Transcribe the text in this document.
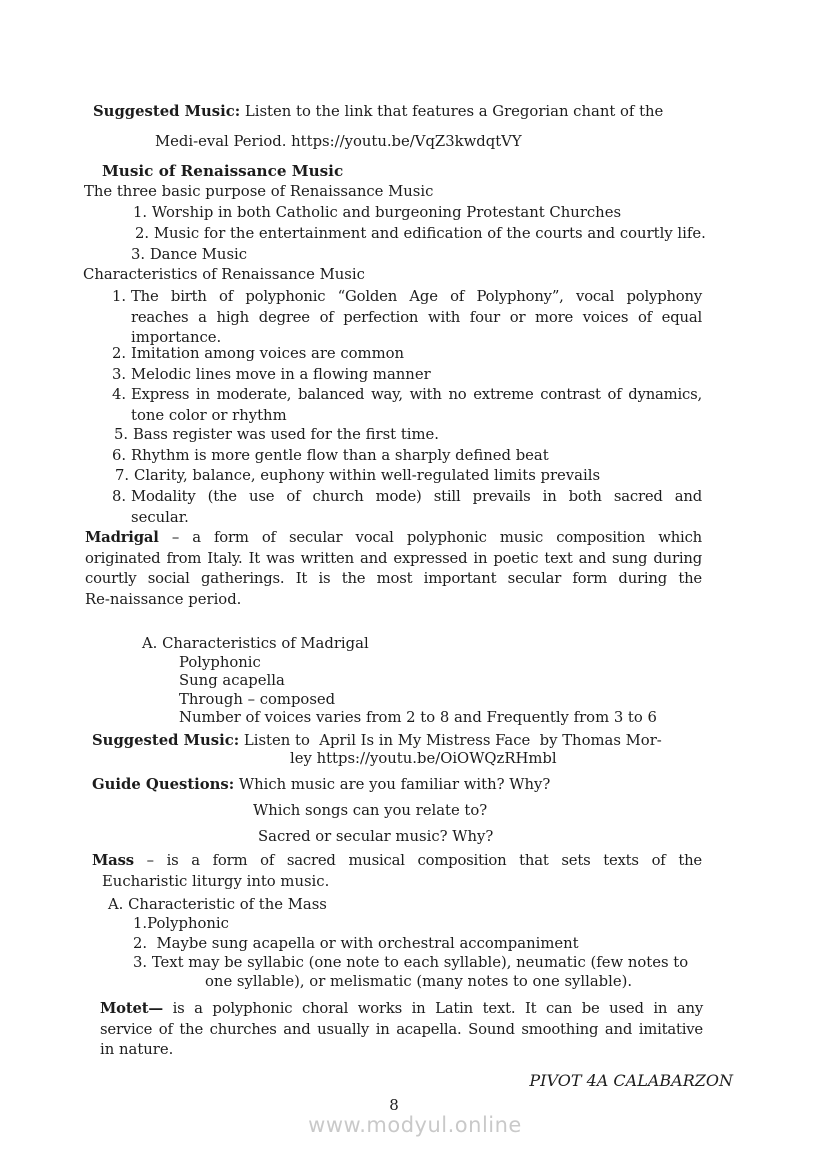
Suggested Music: Listen to the link that features a Gregorian chant of the
Medi-eval Period. https://youtu.be/VqZ3kwdqtVY
Music of Renaissance Music
The three basic purpose of Renaissance Music
1. Worship in both Catholic and burgeoning Protestant Churches
2. Music for the entertainment and edification of the courts and courtly life.
3. Dance Music
Characteristics of Renaissance Music
1. The birth of polyphonic “Golden Age of Polyphony”, vocal polyphony
reaches a high degree of perfection with four or more voices of equal
importance.
2. Imitation among voices are common
3. Melodic lines move in a flowing manner
4. Express in moderate, balanced way, with no extreme contrast of dynamics,
tone color or rhythm
5. Bass register was used for the first time.
6. Rhythm is more gentle flow than a sharply defined beat
7. Clarity, balance, euphony within well-regulated limits prevails
8. Modality (the use of church mode) still prevails in both sacred and
secular.
Madrigal – a form of secular vocal polyphonic music composition which
originated from Italy. It was written and expressed in poetic text and sung during
courtly social gatherings. It is the most important secular form during the
Re-naissance period.
A. Characteristics of Madrigal
Polyphonic
Sung acapella
Through – composed
Number of voices varies from 2 to 8 and Frequently from 3 to 6
Suggested Music: Listen to  April Is in My Mistress Face  by Thomas Mor-
ley https://youtu.be/OiOWQzRHmbl
Guide Questions: Which music are you familiar with? Why?
Which songs can you relate to?
Sacred or secular music? Why?
Mass – is a form of sacred musical composition that sets texts of the
Eucharistic liturgy into music.
A. Characteristic of the Mass
1.Polyphonic
2.  Maybe sung acapella or with orchestral accompaniment
3. Text may be syllabic (one note to each syllable), neumatic (few notes to
one syllable), or melismatic (many notes to one syllable).
Motet— is a polyphonic choral works in Latin text. It can be used in any
service of the churches and usually in acapella. Sound smoothing and imitative
in nature.
PIVOT 4A CALABARZON
8
www.modyul.online
